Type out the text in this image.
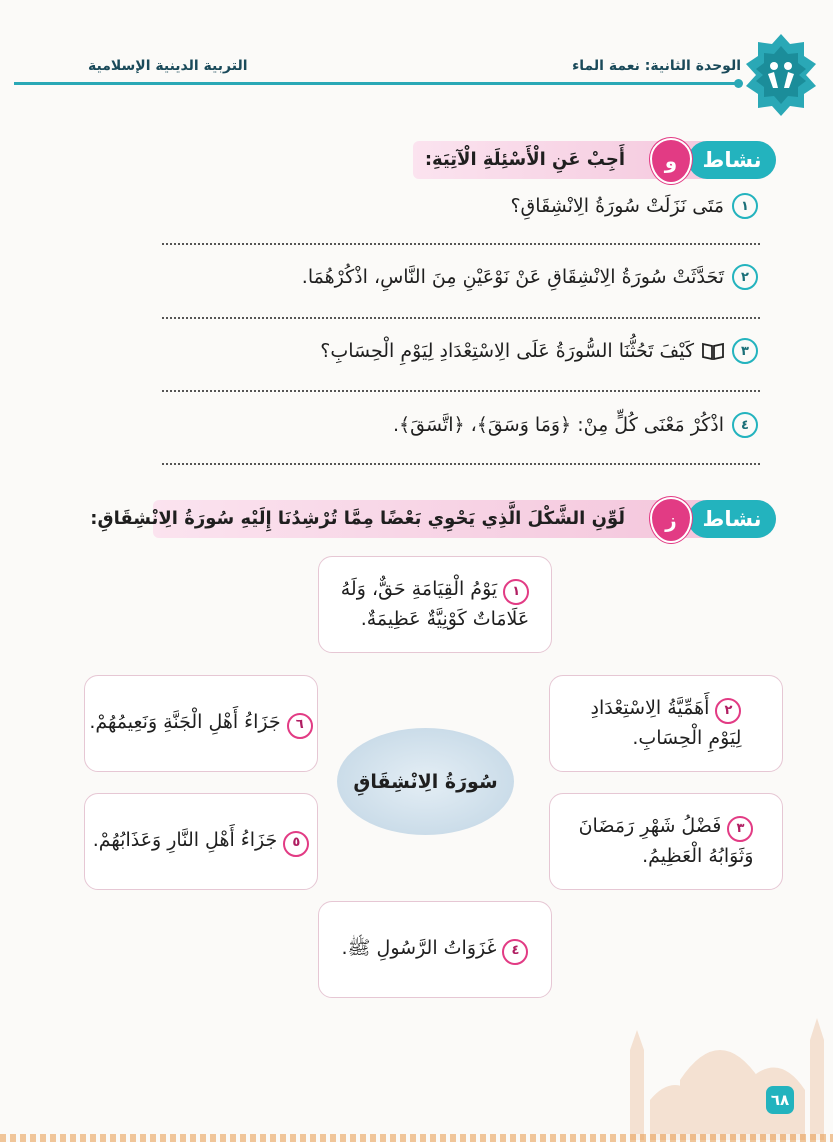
الوحدة الثانية: نعمة الماء
التربية الدينية الإسلامية
أَجِبْ عَنِ الْأَسْئِلَةِ الْآتِيَةِ:	نشاط
و
١
مَتَى نَزَلَتْ سُورَةُ الِانْشِقَاقِ؟
٢
تَحَدَّثَتْ سُورَةُ الِانْشِقَاقِ عَنْ نَوْعَيْنِ مِنَ النَّاسِ، اذْكُرْهُمَا.
٣
كَيْفَ تَحُثُّنَا السُّورَةُ عَلَى الِاسْتِعْدَادِ لِيَوْمِ الْحِسَابِ؟
٤
اذْكُرْ مَعْنَى كُلٍّ مِنْ: ﴿وَمَا وَسَقَ﴾، ﴿اتَّسَقَ﴾.
لَوِّنِ الشَّكْلَ الَّذِي يَحْوِي بَعْضًا مِمَّا تُرْشِدُنَا إِلَيْهِ سُورَةُ الِانْشِقَاقِ:	نشاط
ز
١ يَوْمُ الْقِيَامَةِ حَقٌّ، وَلَهُ
عَلَامَاتٌ كَوْنِيَّةٌ عَظِيمَةٌ.
٢ أَهَمِّيَّةُ الِاسْتِعْدَادِ
لِيَوْمِ الْحِسَابِ.
٣ فَضْلُ شَهْرِ رَمَضَانَ
وَثَوَابُهُ الْعَظِيمُ.
٤ غَزَوَاتُ الرَّسُولِ ﷺ.
٥ جَزَاءُ أَهْلِ النَّارِ وَعَذَابُهُمْ.
٦ جَزَاءُ أَهْلِ الْجَنَّةِ وَنَعِيمُهُمْ.
سُورَةُ الِانْشِقَاقِ
٦٨
